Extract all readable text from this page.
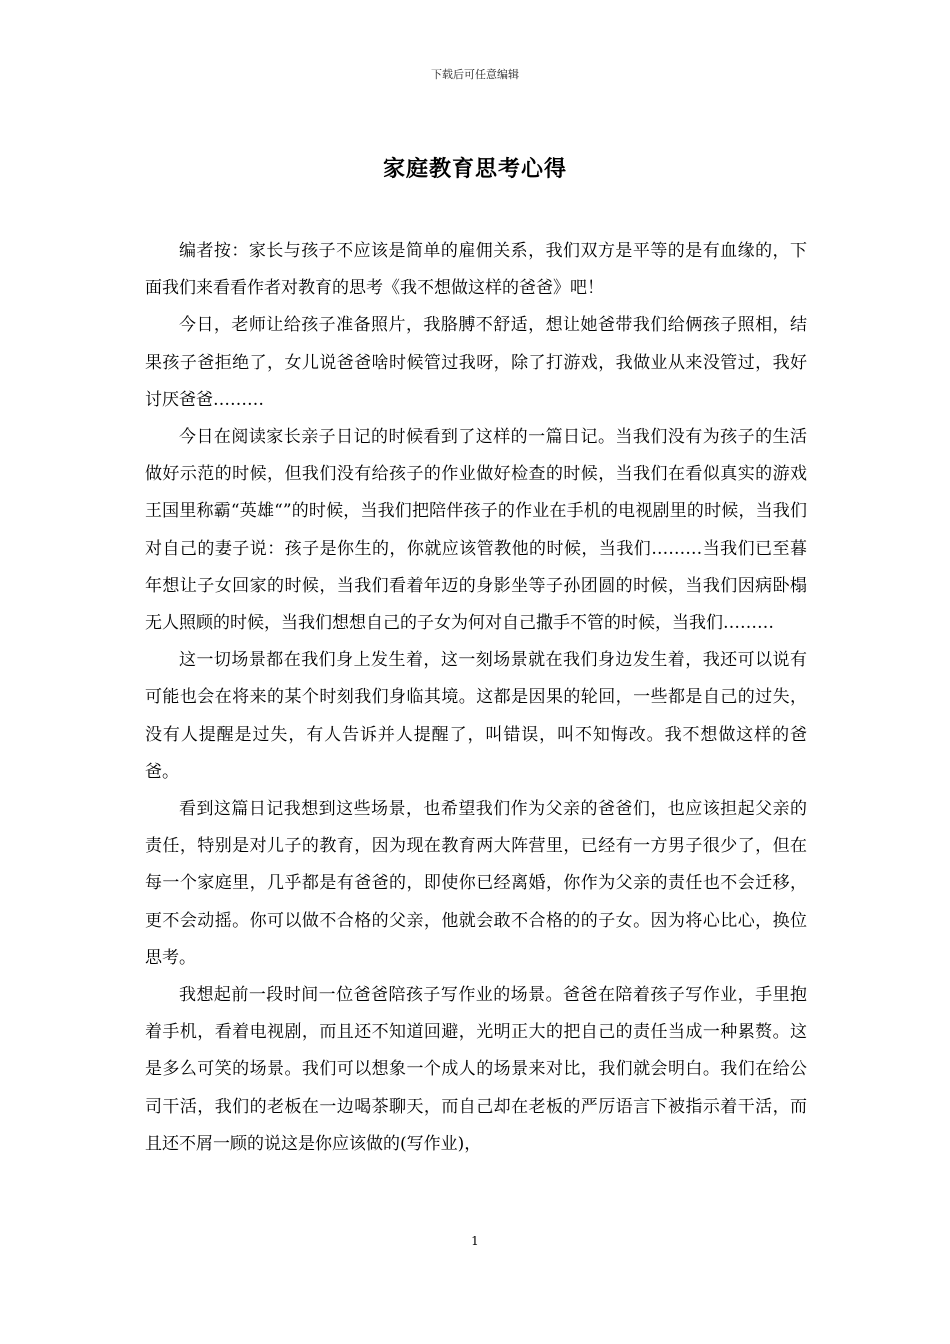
下载后可任意编辑
家庭教育思考心得

编者按：家长与孩子不应该是简单的雇佣关系，我们双方是平等的是有血缘的，下面我们来看看作者对教育的思考《我不想做这样的爸爸》吧！

今日，老师让给孩子准备照片，我胳膊不舒适，想让她爸带我们给俩孩子照相，结果孩子爸拒绝了，女儿说爸爸啥时候管过我呀，除了打游戏，我做业从来没管过，我好讨厌爸爸………

今日在阅读家长亲子日记的时候看到了这样的一篇日记。当我们没有为孩子的生活做好示范的时候，但我们没有给孩子的作业做好检查的时候，当我们在看似真实的游戏王国里称霸“英雄“”的时候，当我们把陪伴孩子的作业在手机的电视剧里的时候，当我们对自己的妻子说：孩子是你生的，你就应该管教他的时候，当我们………当我们已至暮年想让子女回家的时候，当我们看着年迈的身影坐等子孙团圆的时候，当我们因病卧榻无人照顾的时候，当我们想想自己的子女为何对自己撒手不管的时候，当我们………

这一切场景都在我们身上发生着，这一刻场景就在我们身边发生着，我还可以说有可能也会在将来的某个时刻我们身临其境。这都是因果的轮回，一些都是自己的过失，没有人提醒是过失，有人告诉并人提醒了，叫错误，叫不知悔改。我不想做这样的爸爸。

看到这篇日记我想到这些场景，也希望我们作为父亲的爸爸们，也应该担起父亲的责任，特别是对儿子的教育，因为现在教育两大阵营里，已经有一方男子很少了，但在每一个家庭里，几乎都是有爸爸的，即使你已经离婚，你作为父亲的责任也不会迁移，更不会动摇。你可以做不合格的父亲，他就会敢不合格的的子女。因为将心比心，换位思考。

我想起前一段时间一位爸爸陪孩子写作业的场景。爸爸在陪着孩子写作业，手里抱着手机，看着电视剧，而且还不知道回避，光明正大的把自己的责任当成一种累赘。这是多么可笑的场景。我们可以想象一个成人的场景来对比，我们就会明白。我们在给公司干活，我们的老板在一边喝茶聊天，而自己却在老板的严厉语言下被指示着干活，而且还不屑一顾的说这是你应该做的(写作业)，

1
